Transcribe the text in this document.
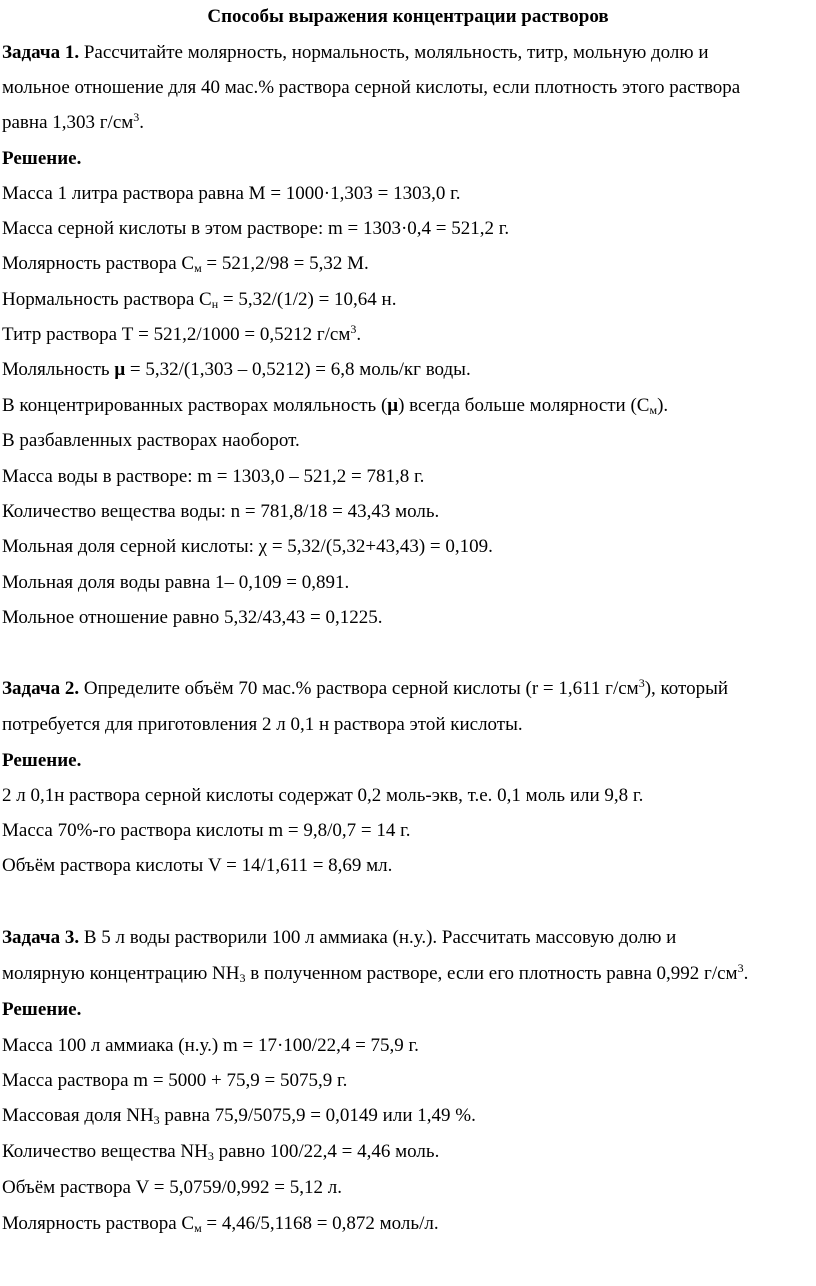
Способы выражения концентрации растворов
Задача 1. Рассчитайте молярность, нормальность, моляльность, титр, мольную долю и
мольное отношение для 40 мас.% раствора серной кислоты, если плотность этого раствора
равна 1,303 $г/см^3$.
Решение.
Масса 1 литра раствора равна М = 1000·1,303 = 1303,0 г.
Масса серной кислоты в этом растворе: m = 1303·0,4 = 521,2 г.
Молярность раствора $С_м = 521,2/98 = 5,32$ М.
Нормальность раствора $С_н = 5,32/(1/2) = 10,64$ н.
Титр раствора Т = 521,2/1000 = 0,5212 $г/см^3$.
Моляльность μ = 5,32/(1,303 – 0,5212) = 6,8 моль/кг воды.
В концентрированных растворах моляльность (μ) всегда больше молярности $(С_м)$.
В разбавленных растворах наоборот.
Масса воды в растворе: m = 1303,0 – 521,2 = 781,8 г.
Количество вещества воды: n = 781,8/18 = 43,43 моль.
Мольная доля серной кислоты: χ = 5,32/(5,32+43,43) = 0,109.
Мольная доля воды равна 1– 0,109 = 0,891.
Мольное отношение равно 5,32/43,43 = 0,1225.
Задача 2. Определите объём 70 мас.% раствора серной кислоты (r = 1,611 $г/см^3$), который
потребуется для приготовления 2 л 0,1 н раствора этой кислоты.
Решение.
2 л 0,1н раствора серной кислоты содержат 0,2 моль-экв, т.е. 0,1 моль или 9,8 г.
Масса 70%-го раствора кислоты m = 9,8/0,7 = 14 г.
Объём раствора кислоты V = 14/1,611 = 8,69 мл.
Задача 3. В 5 л воды растворили 100 л аммиака (н.у.). Рассчитать массовую долю и
молярную концентрацию $NH_3$ в полученном растворе, если его плотность равна 0,992 $г/см^3$.
Решение.
Масса 100 л аммиака (н.у.) m = 17·100/22,4 = 75,9 г.
Масса раствора m = 5000 + 75,9 = 5075,9 г.
Массовая доля $NH_3$ равна 75,9/5075,9 = 0,0149 или 1,49 %.
Количество вещества $NH_3$ равно 100/22,4 = 4,46 моль.
Объём раствора V = 5,0759/0,992 = 5,12 л.
Молярность раствора $С_м = 4,46/5,1168 = 0,872$ моль/л.
